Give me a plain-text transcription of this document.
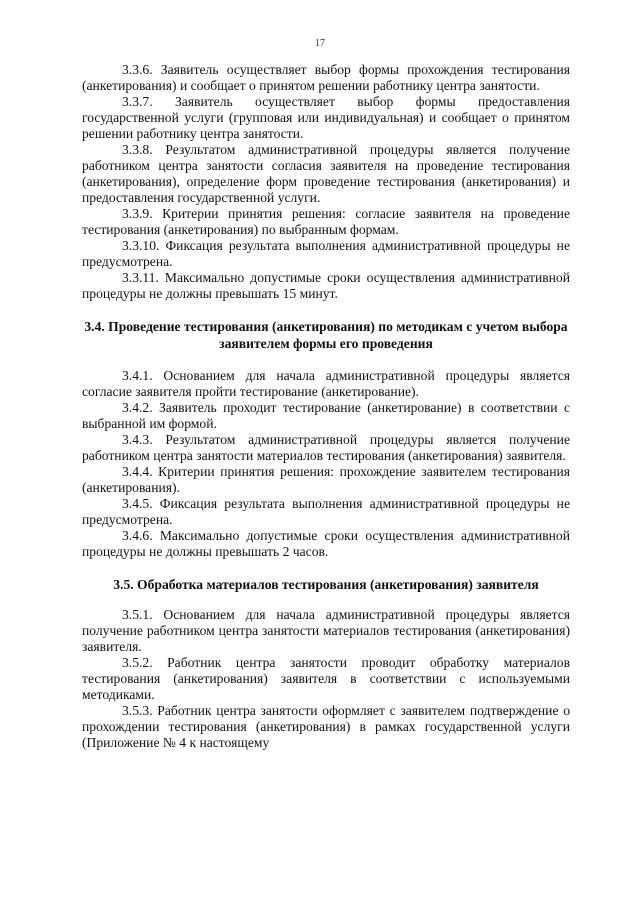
17

3.3.6. Заявитель осуществляет выбор формы прохождения тестирования (анкетирования) и сообщает о принятом решении работнику центра занятости.

3.3.7. Заявитель осуществляет выбор формы предоставления государственной услуги (групповая или индивидуальная) и сообщает о принятом решении работнику центра занятости.

3.3.8. Результатом административной процедуры является получение работником центра занятости согласия заявителя на проведение тестирования (анкетирования), определение форм проведение тестирования (анкетирования) и предоставления государственной услуги.

3.3.9. Критерии принятия решения: согласие заявителя на проведение тестирования (анкетирования) по выбранным формам.

3.3.10. Фиксация результата выполнения административной процедуры не предусмотрена.

3.3.11. Максимально допустимые сроки осуществления административной процедуры не должны превышать 15 минут.

3.4. Проведение тестирования (анкетирования) по методикам с учетом выбора заявителем формы его проведения

3.4.1. Основанием для начала административной процедуры является согласие заявителя пройти тестирование (анкетирование).

3.4.2. Заявитель проходит тестирование (анкетирование) в соответствии с выбранной им формой.

3.4.3. Результатом административной процедуры является получение работником центра занятости материалов тестирования (анкетирования) заявителя.

3.4.4. Критерии принятия решения: прохождение заявителем тестирования (анкетирования).

3.4.5. Фиксация результата выполнения административной процедуры не предусмотрена.

3.4.6. Максимально допустимые сроки осуществления административной процедуры не должны превышать 2 часов.

3.5. Обработка материалов тестирования (анкетирования) заявителя

3.5.1. Основанием для начала административной процедуры является получение работником центра занятости материалов тестирования (анкетирования) заявителя.

3.5.2. Работник центра занятости проводит обработку материалов тестирования (анкетирования) заявителя в соответствии с используемыми методиками.

3.5.3. Работник центра занятости оформляет с заявителем подтверждение о прохождении тестирования (анкетирования) в рамках государственной услуги (Приложение № 4 к настоящему
